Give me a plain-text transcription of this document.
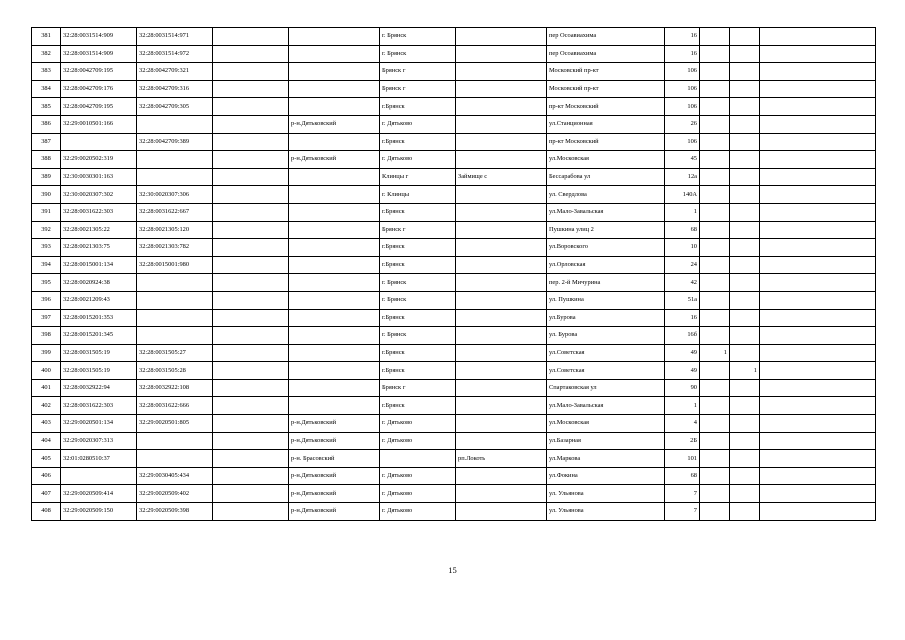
381	32:28:0031514:909	32:28:0031514:971			г. Брянск		пер Осоавиахима	16			
382	32:28:0031514:909	32:28:0031514:972			г. Брянск		пер Осоавиахима	16			
383	32:28:0042709:195	32:28:0042709:321			Брянск г		Московский пр-кт	106			
384	32:28:0042709:176	32:28:0042709:316			Брянск г		Московский пр-кт	106			
385	32:28:0042709:195	32:28:0042709:305			г.Брянск		пр-кт Московский	106			
386	32:29:0010501:166			р-н.Дятьковский	г. Дятьково		ул.Станционная	26			
387		32:28:0042709:389			г.Брянск		пр-кт Московский	106			
388	32:29:0020502:319			р-н.Дятьковский	г. Дятьково		ул.Московская	45			
389	32:30:0030301:163				Клинцы г	Займище с	Бессарабова ул	12а			
390	32:30:0020307:302	32:30:0020307:306			г. Клинцы		ул. Свердлова	140А			
391	32:28:0031622:303	32:28:0031622:667			г.Брянск		ул.Мало-Завальская	1			
392	32:28:0021305:22	32:28:0021305:120			Брянск г		Пушкина улиц 2	68			
393	32:28:0021303:75	32:28:0021303:782			г.Брянск		ул.Воровского	10			
394	32:28:0015001:134	32:28:0015001:980			г.Брянск		ул.Орловская	24			
395	32:28:0020924:38				г. Брянск		пер. 2-й Мичурина	42			
396	32:28:0021209:43				г. Брянск		ул. Пушкина	51а			
397	32:28:0015201:353				г.Брянск		ул.Бурова	16			
398	32:28:0015201:345				г. Брянск		ул. Бурова	16б			
399	32:28:0031505:19	32:28:0031505:27			г.Брянск		ул.Советская	49	1		
400	32:28:0031505:19	32:28:0031505:28			г.Брянск		ул.Советская	49		1	
401	32:28:0032922:94	32:28:0032922:108			Брянск г		Спартаковская ул	90			
402	32:28:0031622:303	32:28:0031622:666			г.Брянск		ул.Мало-Завальская	1			
403	32:29:0020501:134	32:29:0020501:805		р-н.Дятьковский	г. Дятьково		ул.Московская	4			
404	32:29:0020307:313			р-н.Дятьковский	г. Дятьково		ул.Базарная	2Б			
405	32:01:0280510:37			р-н. Брасовский		рп.Локоть	ул.Маркова	101			
406		32:29:0030405:434		р-н.Дятьковский	г. Дятьково		ул.Фокина	68			
407	32:29:0020509:414	32:29:0020509:402		р-н.Дятьковский	г. Дятьково		ул. Ульянова	7			
408	32:29:0020509:150	32:29:0020509:398		р-н.Дятьковский	г. Дятьково		ул. Ульянова	7			
15
